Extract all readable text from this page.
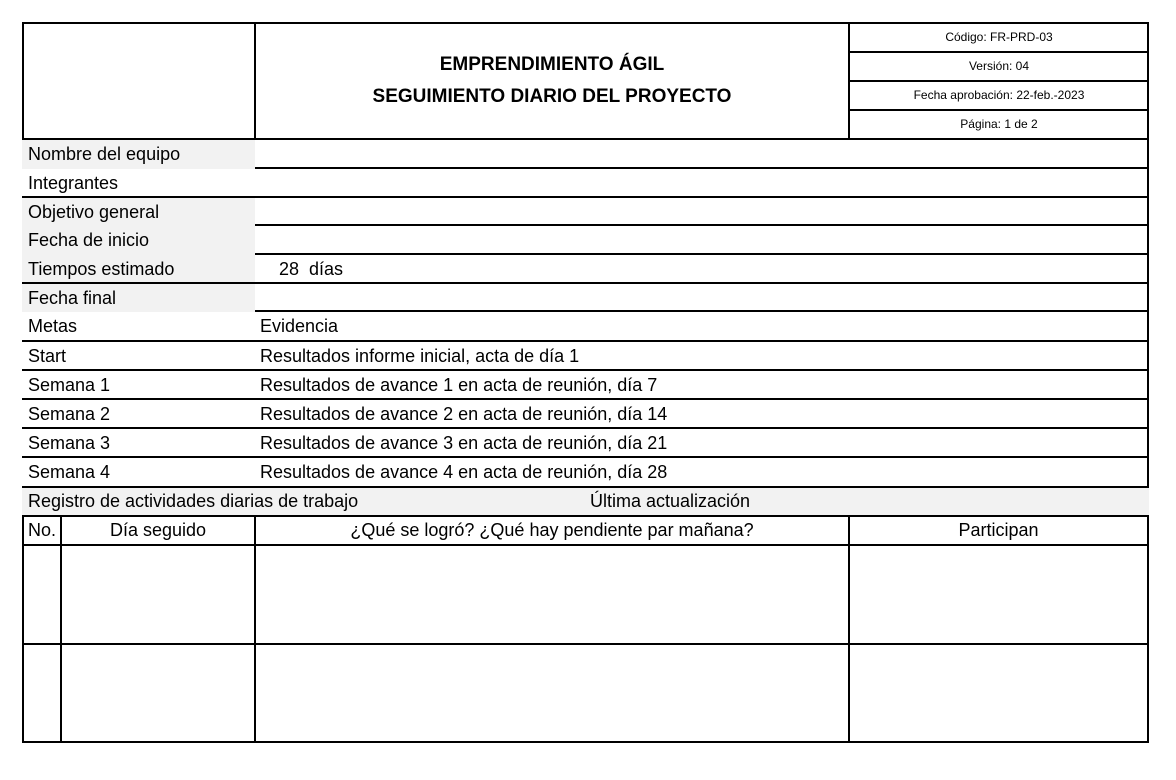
EMPRENDIMIENTO ÁGIL
SEGUIMIENTO DIARIO DEL PROYECTO
Código: FR-PRD-03
Versión: 04
Fecha aprobación: 22-feb.-2023
Página: 1 de 2
Nombre del equipo
Integrantes
Objetivo general
Fecha de inicio
Tiempos estimado	28  días
Fecha final
Metas	Evidencia
Start	Resultados informe inicial, acta de día 1
Semana 1	Resultados de avance 1 en acta de reunión, día 7
Semana 2	Resultados de avance 2 en acta de reunión, día 14
Semana 3	Resultados de avance 3 en acta de reunión, día 21
Semana 4	Resultados de avance 4 en acta de reunión, día 28
Registro de actividades diarias de trabajo	Última actualización
No.	Día seguido	¿Qué se logró? ¿Qué hay pendiente par mañana?	Participan
